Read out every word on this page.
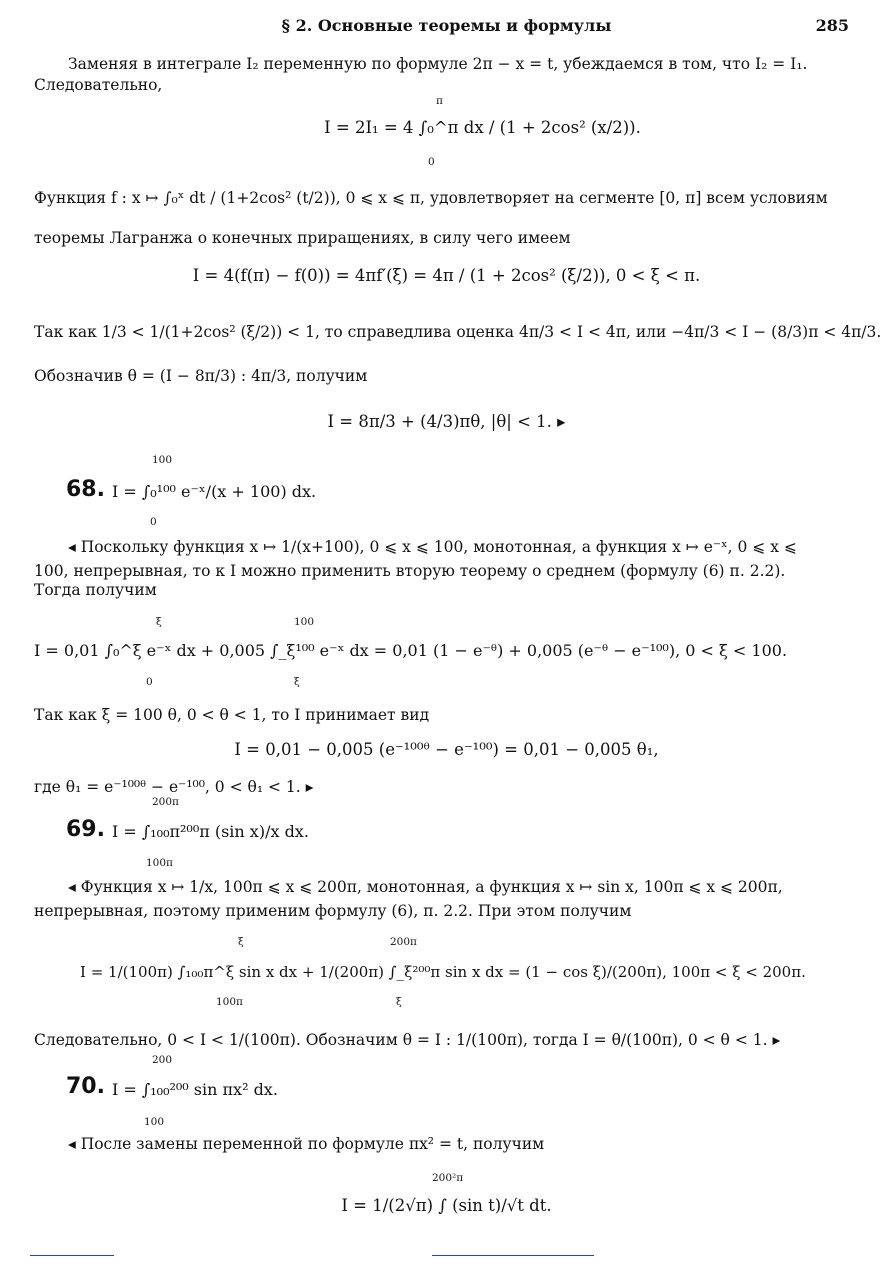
§ 2. Основные теоремы и формулы	285
Заменяя в интеграле I₂ переменную по формуле 2π − x = t, убеждаемся в том, что I₂ = I₁.
Следовательно,
π
I = 2I₁ = 4 ∫₀^π dx / (1 + 2cos² (x/2)).
0
Функция f : x ↦ ∫₀ˣ dt / (1+2cos² (t/2)), 0 ⩽ x ⩽ π, удовлетворяет на сегменте [0, π] всем условиям
теоремы Лагранжа о конечных приращениях, в силу чего имеем
I = 4(f(π) − f(0)) = 4πf′(ξ) = 4π / (1 + 2cos² (ξ/2)), 0 < ξ < π.
Так как 1/3 < 1/(1+2cos² (ξ/2)) < 1, то справедлива оценка 4π/3 < I < 4π, или −4π/3 < I − (8/3)π < 4π/3.
Обозначив θ = (I − 8π/3) : 4π/3, получим
I = 8π/3 + (4/3)πθ, |θ| < 1. ▸
100
68. I = ∫₀¹⁰⁰ e⁻ˣ/(x + 100) dx.
0
◂ Поскольку функция x ↦ 1/(x+100), 0 ⩽ x ⩽ 100, монотонная, а функция x ↦ e⁻ˣ, 0 ⩽ x ⩽
100, непрерывная, то к I можно применить вторую теорему о среднем (формулу (6) п. 2.2).
Тогда получим
ξ	100
I = 0,01 ∫₀^ξ e⁻ˣ dx + 0,005 ∫_ξ¹⁰⁰ e⁻ˣ dx = 0,01 (1 − e⁻ᶿ) + 0,005 (e⁻ᶿ − e⁻¹⁰⁰), 0 < ξ < 100.
0	ξ
Так как ξ = 100 θ, 0 < θ < 1, то I принимает вид
I = 0,01 − 0,005 (e⁻¹⁰⁰ᶿ − e⁻¹⁰⁰) = 0,01 − 0,005 θ₁,
где θ₁ = e⁻¹⁰⁰ᶿ − e⁻¹⁰⁰, 0 < θ₁ < 1. ▸
200π
69. I = ∫₁₀₀π²⁰⁰π (sin x)/x dx.
100π
◂ Функция x ↦ 1/x, 100π ⩽ x ⩽ 200π, монотонная, а функция x ↦ sin x, 100π ⩽ x ⩽ 200π,
непрерывная, поэтому применим формулу (6), п. 2.2. При этом получим
ξ	200π
I = 1/(100π) ∫₁₀₀π^ξ sin x dx + 1/(200π) ∫_ξ²⁰⁰π sin x dx = (1 − cos ξ)/(200π), 100π < ξ < 200π.
100π	ξ
Следовательно, 0 < I < 1/(100π). Обозначим θ = I : 1/(100π), тогда I = θ/(100π), 0 < θ < 1. ▸
200
70. I = ∫₁₀₀²⁰⁰ sin πx² dx.
100
◂ После замены переменной по формуле πx² = t, получим
200²π
I = 1/(2√π) ∫ (sin t)/√t dt.
